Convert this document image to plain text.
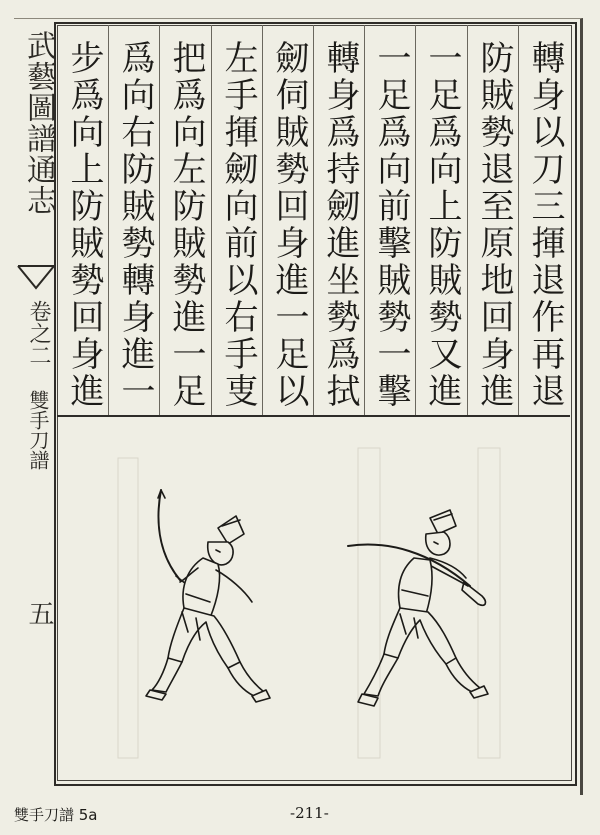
武藝圖譜通志
卷之二
雙手刀譜
五
轉身以刀三揮退作再退
防賊勢退至原地回身進
一足爲向上防賊勢又進
一足爲向前擊賊勢一擊
轉身爲持劒進坐勢爲拭
劒伺賊勢回身進一足以
左手揮劒向前以右手叓
把爲向左防賊勢進一足
爲向右防賊勢轉身進一
步爲向上防賊勢回身進
雙手刀譜 5a	-211-
